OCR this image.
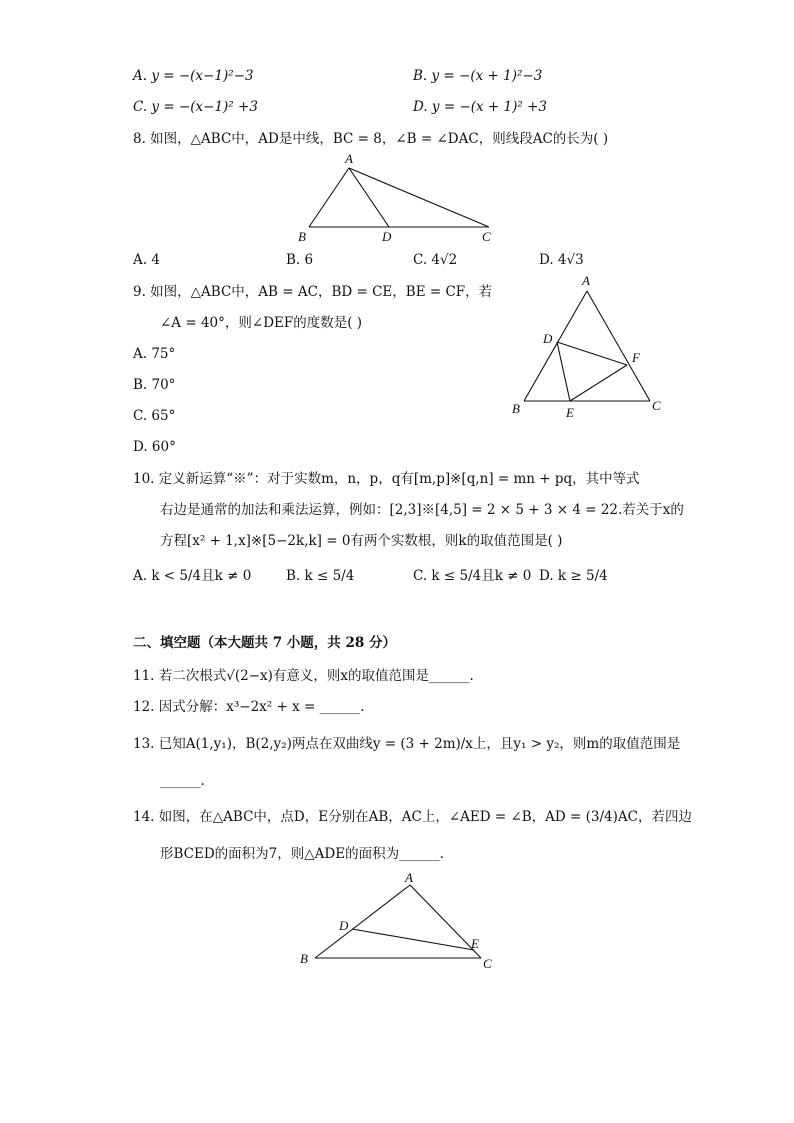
A. y = −(x−1)²−3	B. y = −(x + 1)²−3
C. y = −(x−1)² +3	D. y = −(x + 1)² +3
8. 如图，△ABC中，AD是中线，BC = 8，∠B = ∠DAC，则线段AC的长为( )
A
B	D	C
A. 4	B. 6	C. 4√2	D. 4√3
9. 如图，△ABC中，AB = AC，BD = CE，BE = CF，若
∠A = 40°，则∠DEF的度数是( )
A
B	C
D
E
F
A. 75°
B. 70°
C. 65°
D. 60°
10. 定义新运算“※”：对于实数m，n，p，q有[m,p]※[q,n] = mn + pq，其中等式
右边是通常的加法和乘法运算，例如：[2,3]※[4,5] = 2 × 5 + 3 × 4 = 22.若关于x的
方程[x² + 1,x]※[5−2k,k] = 0有两个实数根，则k的取值范围是( )
A. k < 5/4且k ≠ 0	B. k ≤ 5/4	C. k ≤ 5/4且k ≠ 0 D. k ≥ 5/4
二、填空题（本大题共 7 小题，共 28 分）
11. 若二次根式√(2−x)有意义，则x的取值范围是______.
12. 因式分解：x³−2x² + x = ______.
13. 已知A(1,y₁)，B(2,y₂)两点在双曲线y = (3 + 2m)/x上，且y₁ > y₂，则m的取值范围是
______.
14. 如图，在△ABC中，点D，E分别在AB，AC上，∠AED = ∠B，AD = (3/4)AC，若四边
形BCED的面积为7，则△ADE的面积为______.
A
B	C
D
E
